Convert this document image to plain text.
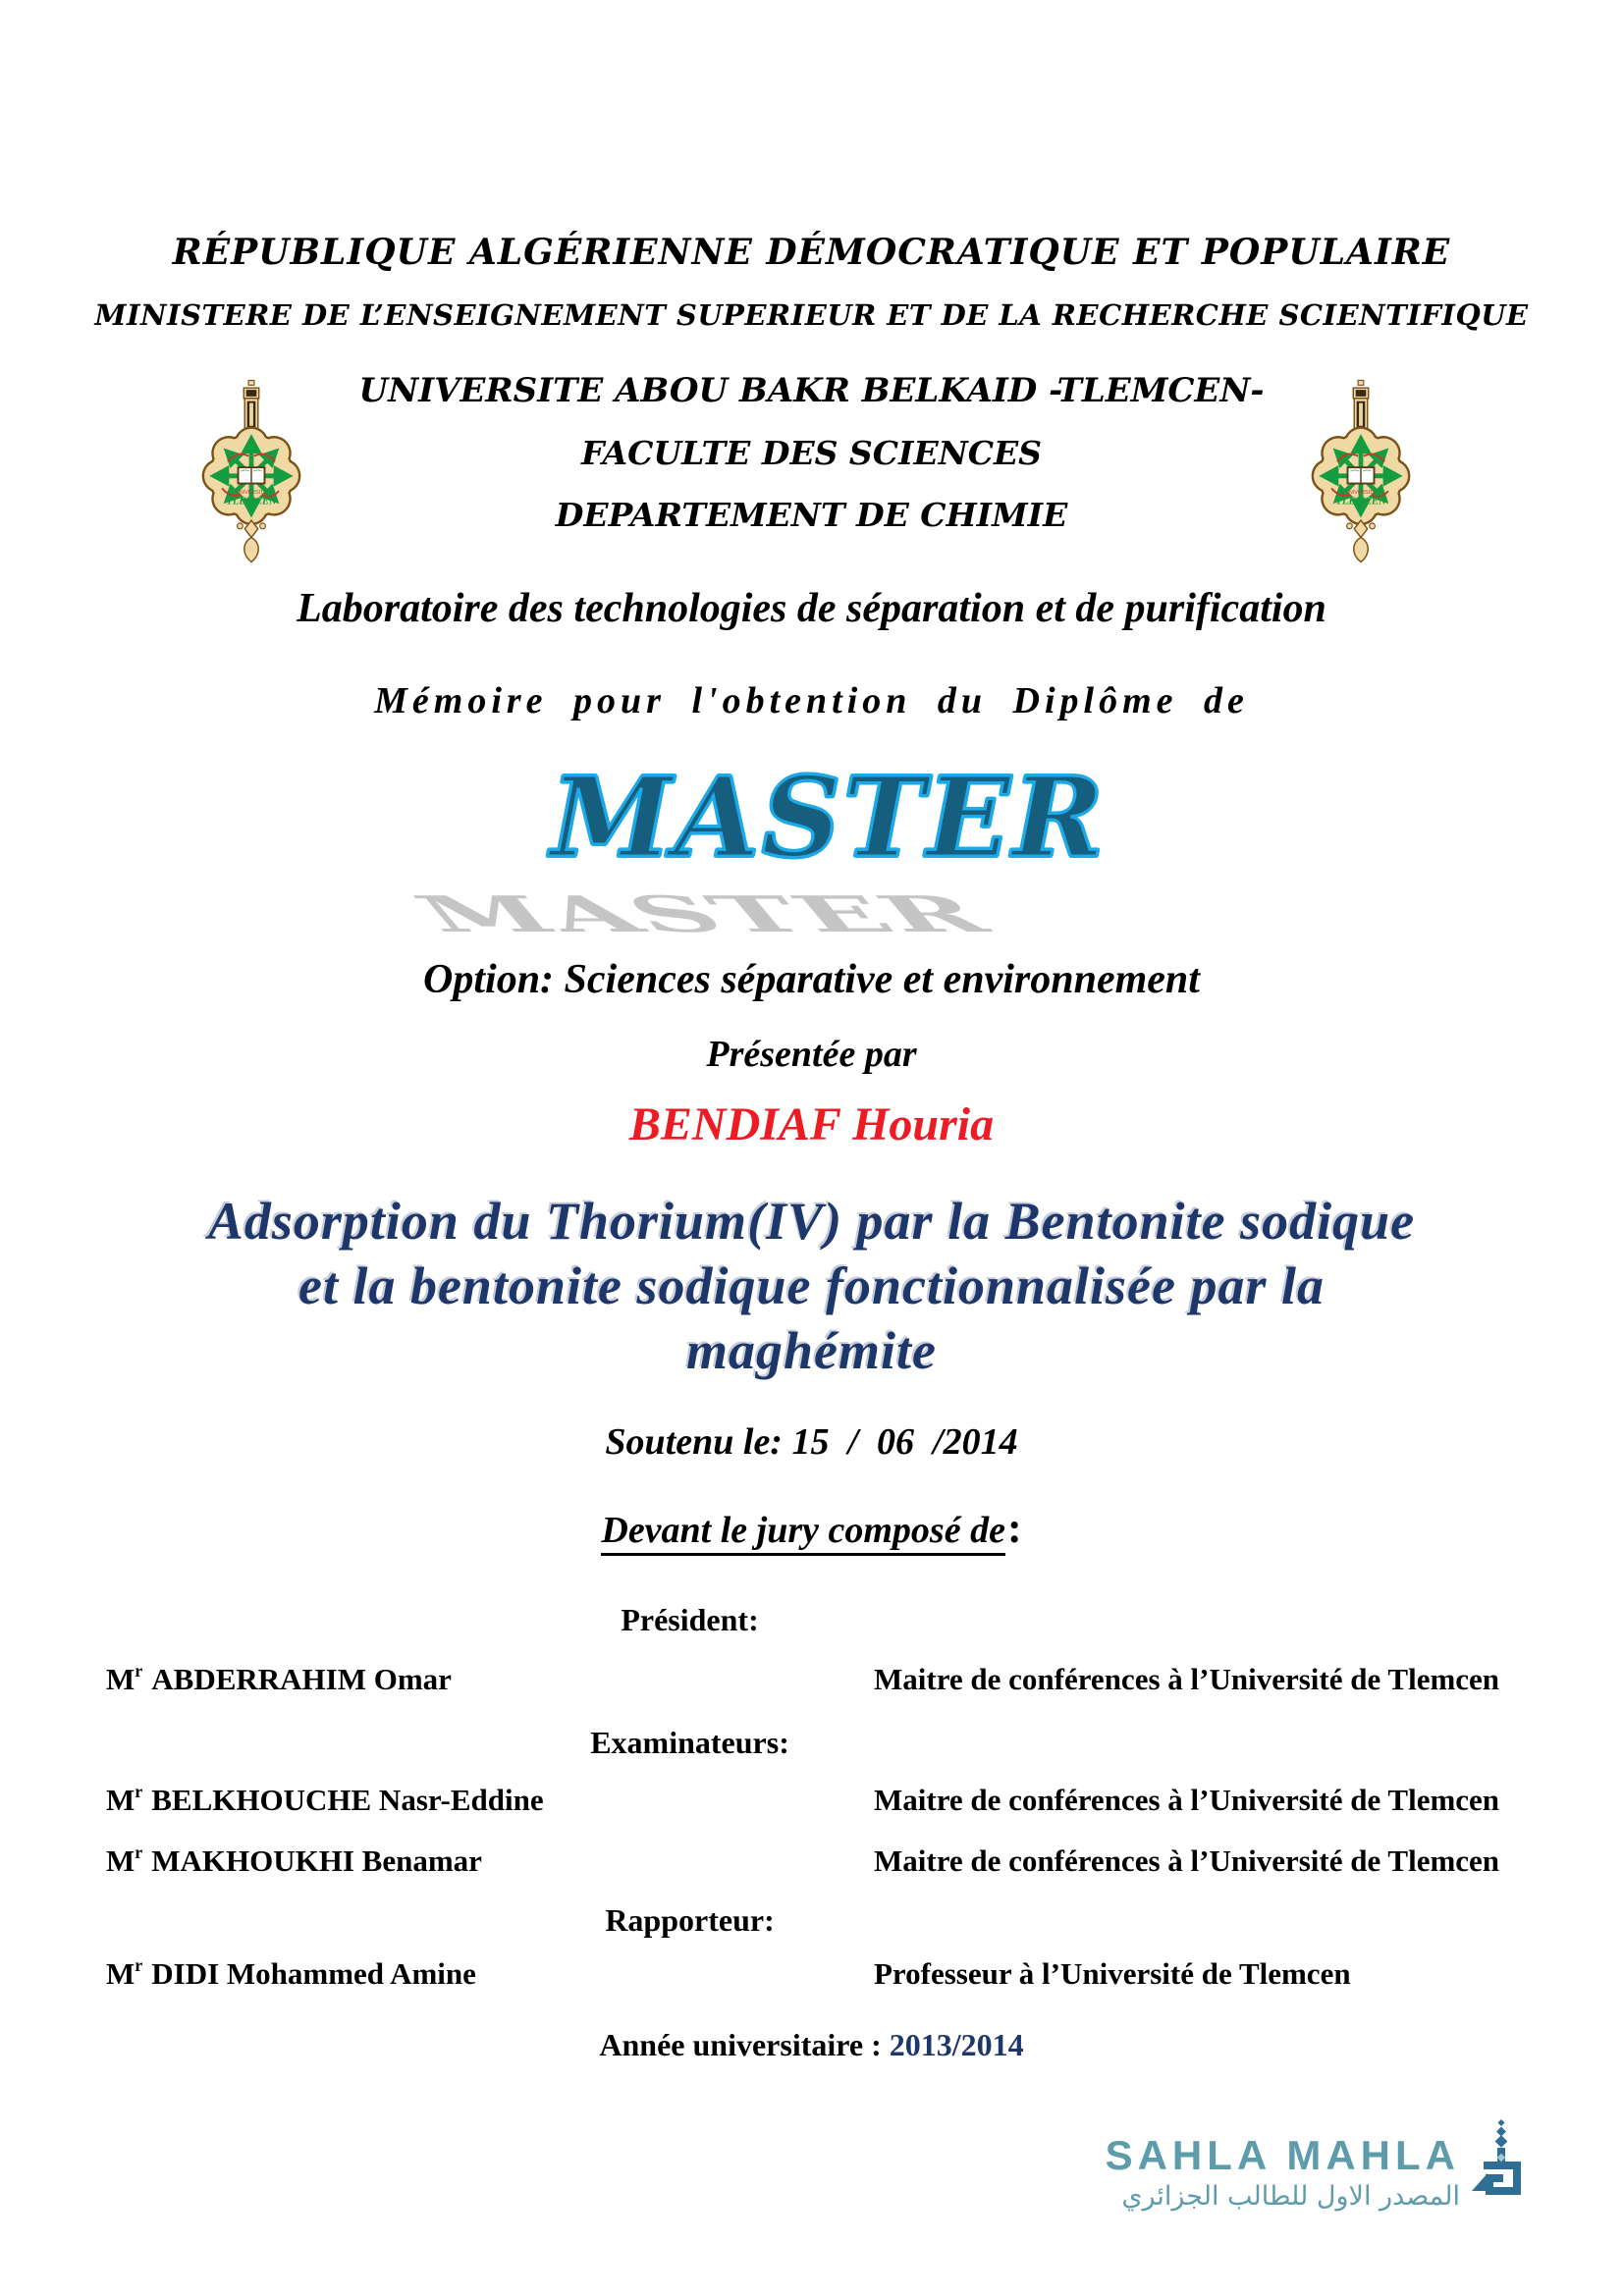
RÉPUBLIQUE ALGÉRIENNE DÉMOCRATIQUE ET POPULAIRE
MINISTERE DE L’ENSEIGNEMENT SUPERIEUR ET DE LA RECHERCHE SCIENTIFIQUE
UNIVERSITE ABOU BAKR BELKAID -TLEMCEN-
FACULTE DES SCIENCES
DEPARTEMENT DE CHIMIE
UNIVERSITE
TLEMCEN
UNIVERSITE
TLEMCEN
Laboratoire des technologies de séparation et de purification
Mémoire pour l'obtention du Diplôme de
MASTER
MASTER
Option: Sciences séparative et environnement
Présentée par
BENDIAF Houria
Adsorption du Thorium(IV) par la Bentonite sodique
et la bentonite sodique fonctionnalisée par la
maghémite
Soutenu le: 15  /  06  /2014
Devant le jury composé de:
Président:
$M^r$ ABDERRAHIM Omar	Maitre de conférences à l’Université de Tlemcen
Examinateurs:
$M^r$ BELKHOUCHE Nasr-Eddine	Maitre de conférences à l’Université de Tlemcen
$M^r$ MAKHOUKHI Benamar	Maitre de conférences à l’Université de Tlemcen
Rapporteur:
$M^r$ DIDI Mohammed Amine	Professeur à l’Université de Tlemcen
Année universitaire : 2013/2014
SAHLA MAHLA
المصدر الاول للطالب الجزائري
